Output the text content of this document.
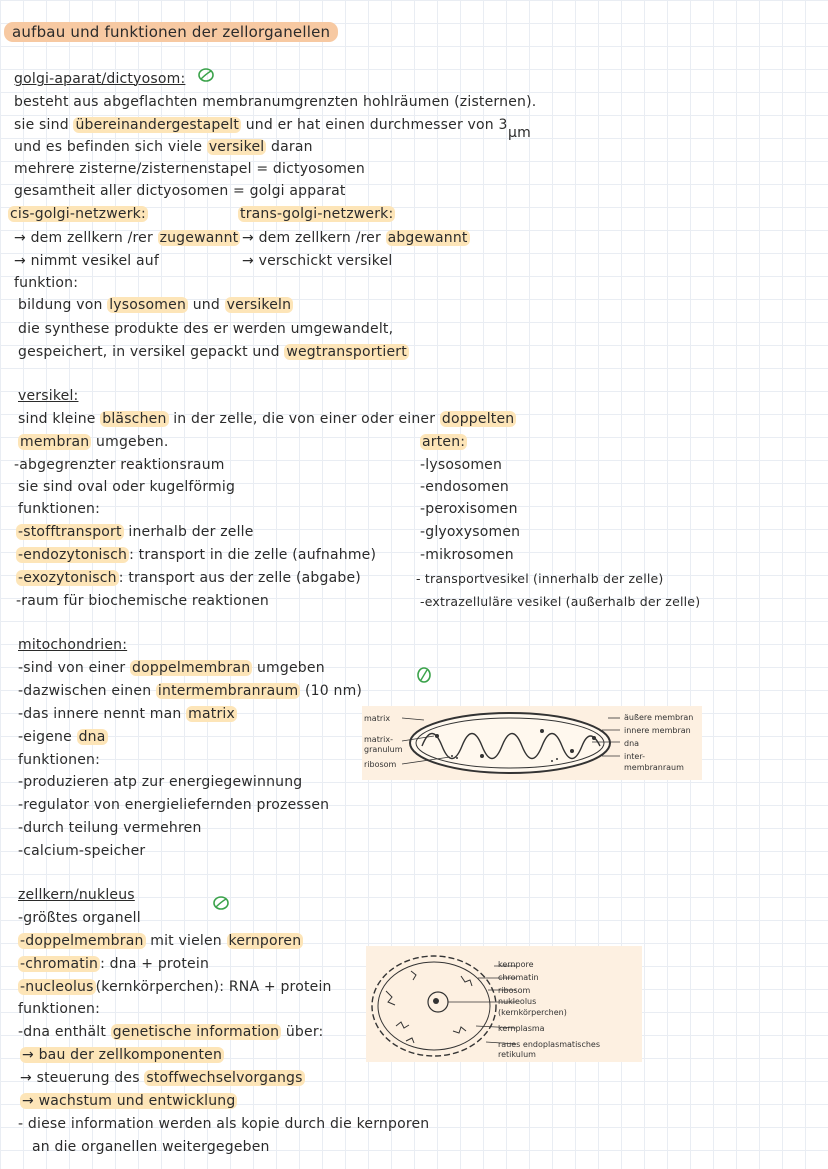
aufbau und funktionen der zellorganellen
golgi-aparat/dictyosom:
besteht aus abgeflachten membranumgrenzten hohlräumen (zisternen).
sie sind übereinandergestapelt und er hat einen durchmesser von 3 μm
und es befinden sich viele versikel daran
mehrere zisterne/zisternenstapel = dictyosomen
gesamtheit aller dictyosomen = golgi apparat
cis-golgi-netzwerk:	trans-golgi-netzwerk:
→ dem zellkern /rer zugewannt → dem zellkern /rer abgewannt
→ nimmt vesikel auf	→ verschickt versikel
funktion:
bildung von lysosomen und versikeln
die synthese produkte des er werden umgewandelt,
gespeichert, in versikel gepackt und wegtransportiert
versikel:
sind kleine bläschen in der zelle, die von einer oder einer doppelten
membran umgeben.	arten:
-abgegrenzter reaktionsraum
sie sind oval oder kugelförmig
funktionen:
-stofftransport inerhalb der zelle
-endozytonisch : transport in die zelle (aufnahme)
-exozytonisch : transport aus der zelle (abgabe)
-raum für biochemische reaktionen
-lysosomen
-endosomen
-peroxisomen
-glyoxysomen
-mikrosomen
- transportvesikel (innerhalb der zelle)
-extrazelluläre vesikel (außerhalb der zelle)
mitochondrien:
-sind von einer doppelmembran umgeben
-dazwischen einen intermembranraum (10 nm)
-das innere nennt man matrix
-eigene dna
funktionen:
-produzieren atp zur energiegewinnung
-regulator von energieliefernden prozessen
-durch teilung vermehren
-calcium-speicher
matrix
matrix-
granulum
ribosom
äußere membran
innere membran
dna
inter-
membranraum
zellkern/nukleus
-größtes organell
-doppelmembran mit vielen kernporen
-chromatin : dna + protein
-nucleolus (kernkörperchen): RNA + protein
funktionen:
-dna enthält genetische information über:
→ bau der zellkomponenten
→ steuerung des stoffwechselvorgangs
→ wachstum und entwicklung
- diese information werden als kopie durch die kernporen
an die organellen weitergegeben
kernpore
chromatin
ribosom
nukleolus
(kernkörperchen)
kernplasma
raues endoplasmatisches
retikulum
